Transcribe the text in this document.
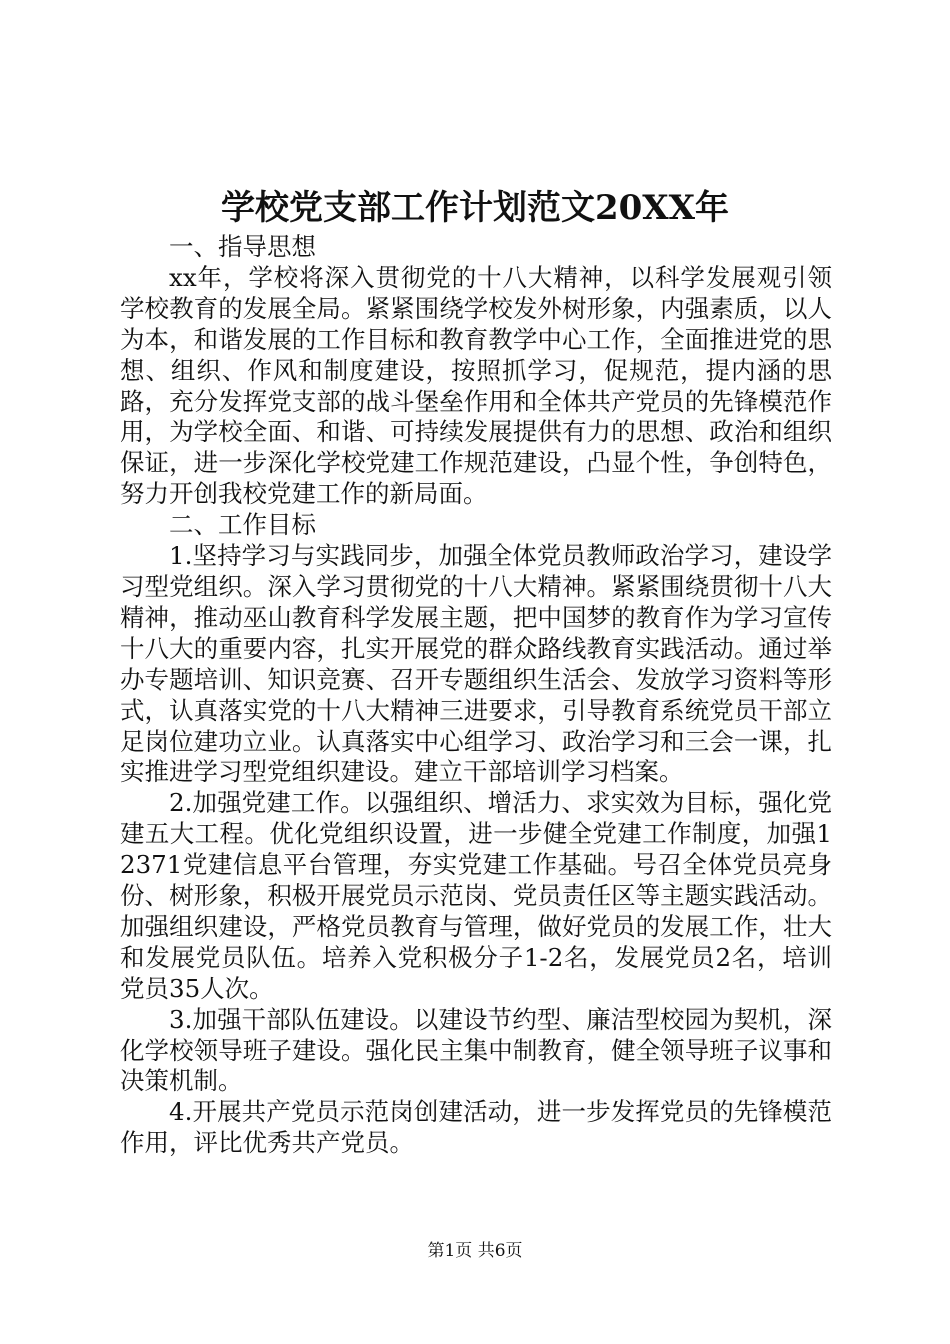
学校党支部工作计划范文20XX年

一、指导思想

xx年，学校将深入贯彻党的十八大精神，以科学发展观引领学校教育的发展全局。紧紧围绕学校发外树形象，内强素质，以人为本，和谐发展的工作目标和教育教学中心工作，全面推进党的思想、组织、作风和制度建设，按照抓学习，促规范，提内涵的思路，充分发挥党支部的战斗堡垒作用和全体共产党员的先锋模范作用，为学校全面、和谐、可持续发展提供有力的思想、政治和组织保证，进一步深化学校党建工作规范建设，凸显个性，争创特色，努力开创我校党建工作的新局面。

二、工作目标

1.坚持学习与实践同步，加强全体党员教师政治学习，建设学习型党组织。深入学习贯彻党的十八大精神。紧紧围绕贯彻十八大精神，推动巫山教育科学发展主题，把中国梦的教育作为学习宣传十八大的重要内容，扎实开展党的群众路线教育实践活动。通过举办专题培训、知识竞赛、召开专题组织生活会、发放学习资料等形式，认真落实党的十八大精神三进要求，引导教育系统党员干部立足岗位建功立业。认真落实中心组学习、政治学习和三会一课，扎实推进学习型党组织建设。建立干部培训学习档案。

2.加强党建工作。以强组织、增活力、求实效为目标，强化党建五大工程。优化党组织设置，进一步健全党建工作制度，加强12371党建信息平台管理，夯实党建工作基础。号召全体党员亮身份、树形象，积极开展党员示范岗、党员责任区等主题实践活动。加强组织建设，严格党员教育与管理，做好党员的发展工作，壮大和发展党员队伍。培养入党积极分子1-2名，发展党员2名，培训党员35人次。

3.加强干部队伍建设。以建设节约型、廉洁型校园为契机，深化学校领导班子建设。强化民主集中制教育，健全领导班子议事和决策机制。

4.开展共产党员示范岗创建活动，进一步发挥党员的先锋模范作用，评比优秀共产党员。

第1页 共6页
